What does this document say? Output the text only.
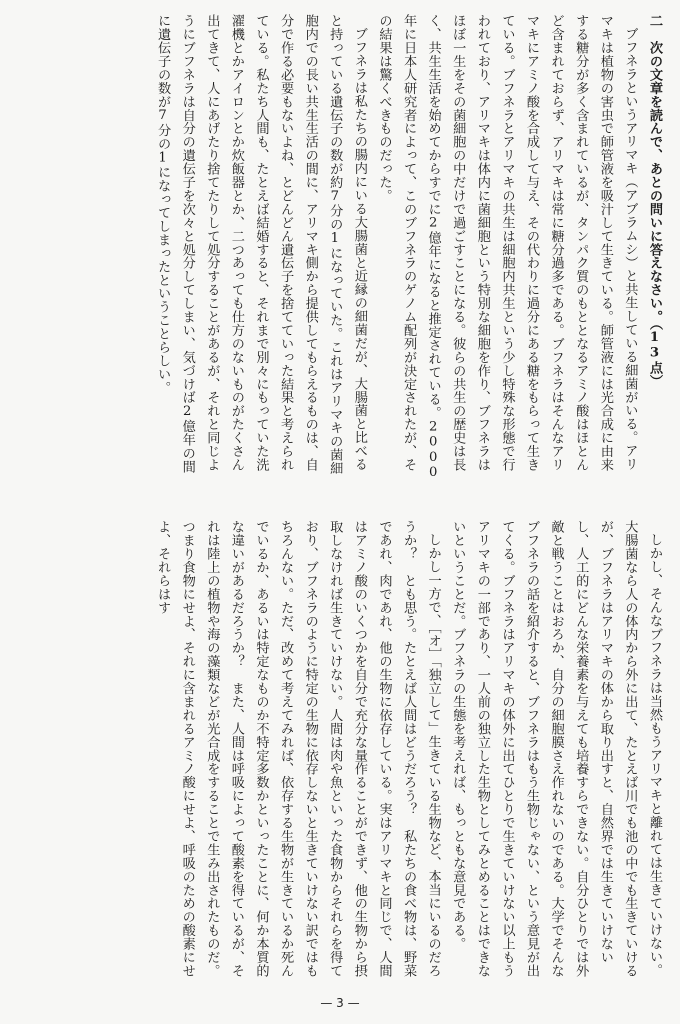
二　次の文章を読んで、あとの問いに答えなさい。（13点）

ブフネラというアリマキ（アブラムシ）と共生している細菌がいる。アリマキは植物の害虫で師管液を吸汁して生きている。師管液には光合成に由来する糖分が多く含まれているが、タンパク質のもととなるアミノ酸はほとんど含まれておらず、アリマキは常に糖分過多である。ブフネラはそんなアリマキにアミノ酸を合成して与え、その代わりに過分にある糖をもらって生きている。ブフネラとアリマキの共生は細胞内共生という少し特殊な形態で行われており、アリマキは体内に菌細胞という特別な細胞を作り、ブフネラはほぼ一生をその菌細胞の中だけで過ごすことになる。彼らの共生の歴史は長く、共生生活を始めてからすでに2億年になると推定されている。2000年に日本人研究者によって、このブフネラのゲノム配列が決定されたが、その結果は驚くべきものだった。

ブフネラは私たちの腸内にいる大腸菌と近縁の細菌だが、大腸菌と比べると持っている遺伝子の数が約7分の1になっていた。これはアリマキの菌細胞内での長い共生生活の間に、アリマキ側から提供してもらえるものは、自分で作る必要もないよね、とどんどん遺伝子を捨てていった結果と考えられている。私たち人間も、たとえば結婚すると、それまで別々にもっていた洗濯機とかアイロンとか炊飯器とか、二つあっても仕方のないものがたくさん出てきて、人にあげたり捨てたりして処分することがあるが、それと同じようにブフネラは自分の遺伝子を次々と処分してしまい、気づけば2億年の間に遺伝子の数が7分の1になってしまったということらしい。

しかし、そんなブフネラは当然もうアリマキと離れては生きていけない。大腸菌なら人の体内から外に出て、たとえば川でも池の中でも生きていけるが、ブフネラはアリマキの体から取り出すと、自然界では生きていけないし、人工的にどんな栄養素を与えても培養すらできない。自分ひとりでは外敵と戦うことはおろか、自分の細胞膜さえ作れないのである。大学でそんなブフネラの話を紹介すると、ブフネラはもう生物じゃない、という意見が出てくる。ブフネラはアリマキの体外に出てひとりで生きていけない以上もうアリマキの一部であり、一人前の独立した生物としてみとめることはできないということだ。ブフネラの生態を考えれば、もっともな意見である。

しかし一方で、［オ］「独立して」生きている生物など、本当にいるのだろうか？　とも思う。たとえば人間はどうだろう？　私たちの食べ物は、野菜であれ、肉であれ、他の生物に依存している。実はアリマキと同じで、人間はアミノ酸のいくつかを自分で充分な量作ることができず、他の生物から摂取しなければ生きていけない。人間は肉や魚といった食物からそれらを得ており、ブフネラのように特定の生物に依存しないと生きていけない訳ではもちろんない。ただ、改めて考えてみれば、依存する生物が生きているか死んでいるか、あるいは特定なものか不特定多数かといったことに、何か本質的な違いがあるだろうか？　また、人間は呼吸によって酸素を得ているが、それは陸上の植物や海の藻類などが光合成をすることで生み出されたものだ。つまり食物にせよ、それに含まれるアミノ酸にせよ、呼吸のための酸素にせよ、それらはす

— 3 —
